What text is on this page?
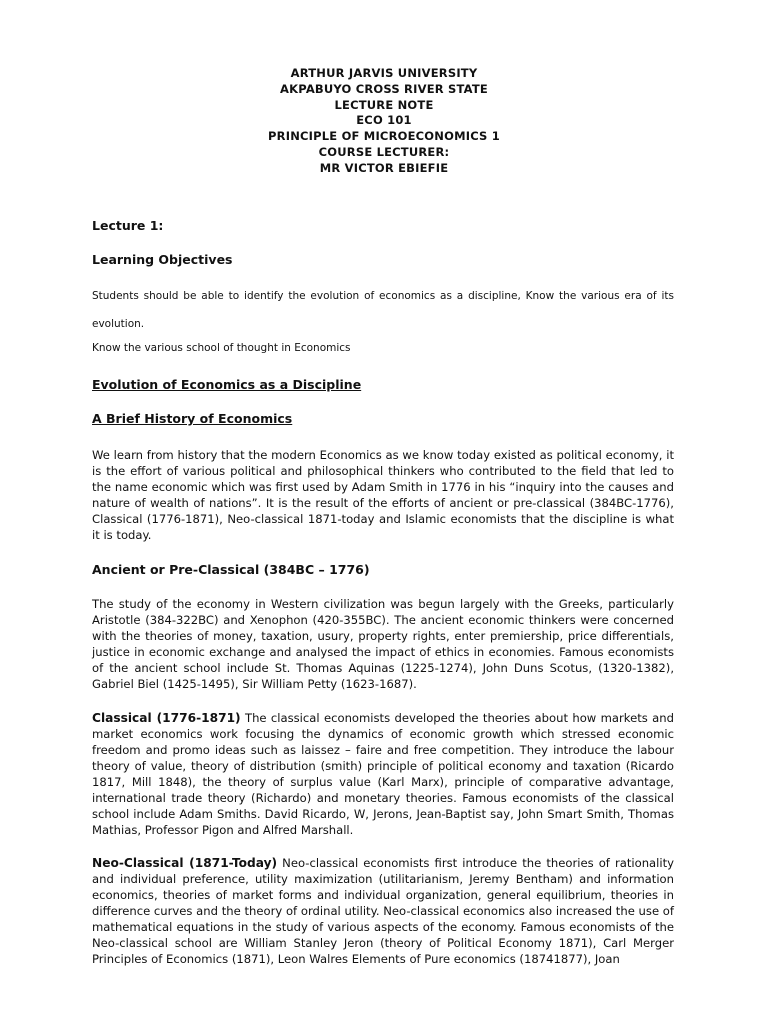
ARTHUR JARVIS UNIVERSITY
AKPABUYO CROSS RIVER STATE
LECTURE NOTE
ECO 101
PRINCIPLE OF MICROECONOMICS 1
COURSE LECTURER:
MR VICTOR EBIEFIE
Lecture 1:
Learning Objectives
Students should be able to identify the evolution of economics as a discipline, Know the various era of its evolution.
Know the various school of thought in Economics
Evolution of Economics as a Discipline
A Brief History of Economics
We learn from history that the modern Economics as we know today existed as political economy, it is the effort of various political and philosophical thinkers who contributed to the field that led to the name economic which was first used by Adam Smith in 1776 in his “inquiry into the causes and nature of wealth of nations”. It is the result of the efforts of ancient or pre-classical (384BC-1776), Classical (1776-1871), Neo-classical 1871-today and Islamic economists that the discipline is what it is today.
Ancient or Pre-Classical (384BC – 1776)
The study of the economy in Western civilization was begun largely with the Greeks, particularly Aristotle (384-322BC) and Xenophon (420-355BC). The ancient economic thinkers were concerned with the theories of money, taxation, usury, property rights, enter premiership, price differentials, justice in economic exchange and analysed the impact of ethics in economies. Famous economists of the ancient school include St. Thomas Aquinas (1225-1274), John Duns Scotus, (1320-1382), Gabriel Biel (1425-1495), Sir William Petty (1623-1687).
Classical (1776-1871) The classical economists developed the theories about how markets and market economics work focusing the dynamics of economic growth which stressed economic freedom and promo ideas such as laissez – faire and free competition. They introduce the labour theory of value, theory of distribution (smith) principle of political economy and taxation (Ricardo 1817, Mill 1848), the theory of surplus value (Karl Marx), principle of comparative advantage, international trade theory (Richardo) and monetary theories. Famous economists of the classical school include Adam Smiths. David Ricardo, W, Jerons, Jean-Baptist say, John Smart Smith, Thomas Mathias, Professor Pigon and Alfred Marshall.
Neo-Classical (1871-Today) Neo-classical economists first introduce the theories of rationality and individual preference, utility maximization (utilitarianism, Jeremy Bentham) and information economics, theories of market forms and individual organization, general equilibrium, theories in difference curves and the theory of ordinal utility. Neo-classical economics also increased the use of mathematical equations in the study of various aspects of the economy. Famous economists of the Neo-classical school are William Stanley Jeron (theory of Political Economy 1871), Carl Merger Principles of Economics (1871), Leon Walres Elements of Pure economics (18741877), Joan
